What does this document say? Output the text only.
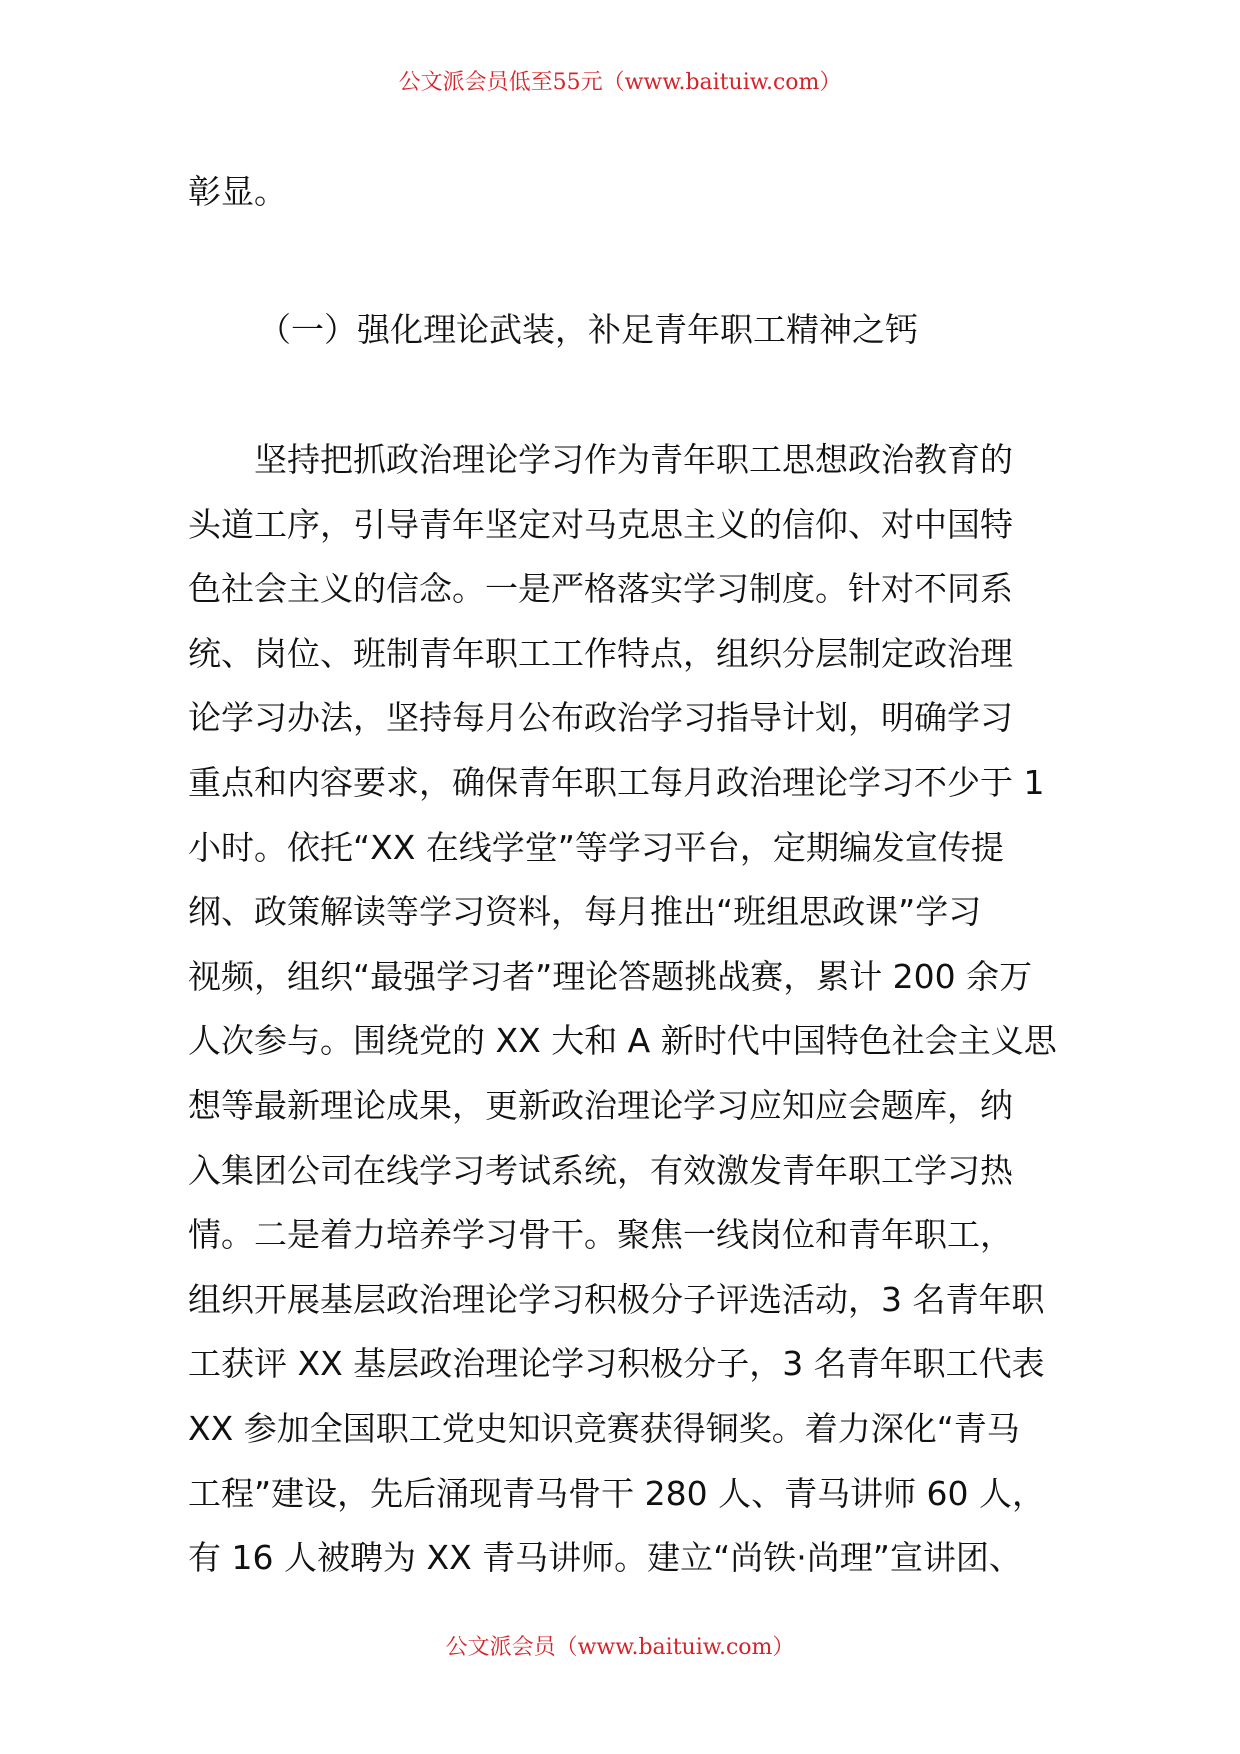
公文派会员低至55元（www.baituiw.com）
彰显。
（一）强化理论武装，补足青年职工精神之钙
　　坚持把抓政治理论学习作为青年职工思想政治教育的
头道工序，引导青年坚定对马克思主义的信仰、对中国特
色社会主义的信念。一是严格落实学习制度。针对不同系
统、岗位、班制青年职工工作特点，组织分层制定政治理
论学习办法，坚持每月公布政治学习指导计划，明确学习
重点和内容要求，确保青年职工每月政治理论学习不少于 1
小时。依托“XX 在线学堂”等学习平台，定期编发宣传提
纲、政策解读等学习资料，每月推出“班组思政课”学习
视频，组织“最强学习者”理论答题挑战赛，累计 200 余万
人次参与。围绕党的 XX 大和 A 新时代中国特色社会主义思
想等最新理论成果，更新政治理论学习应知应会题库，纳
入集团公司在线学习考试系统，有效激发青年职工学习热
情。二是着力培养学习骨干。聚焦一线岗位和青年职工，
组织开展基层政治理论学习积极分子评选活动，3 名青年职
工获评 XX 基层政治理论学习积极分子，3 名青年职工代表
XX 参加全国职工党史知识竞赛获得铜奖。着力深化“青马
工程”建设，先后涌现青马骨干 280 人、青马讲师 60 人，
有 16 人被聘为 XX 青马讲师。建立“尚铁·尚理”宣讲团、
公文派会员（www.baituiw.com）
